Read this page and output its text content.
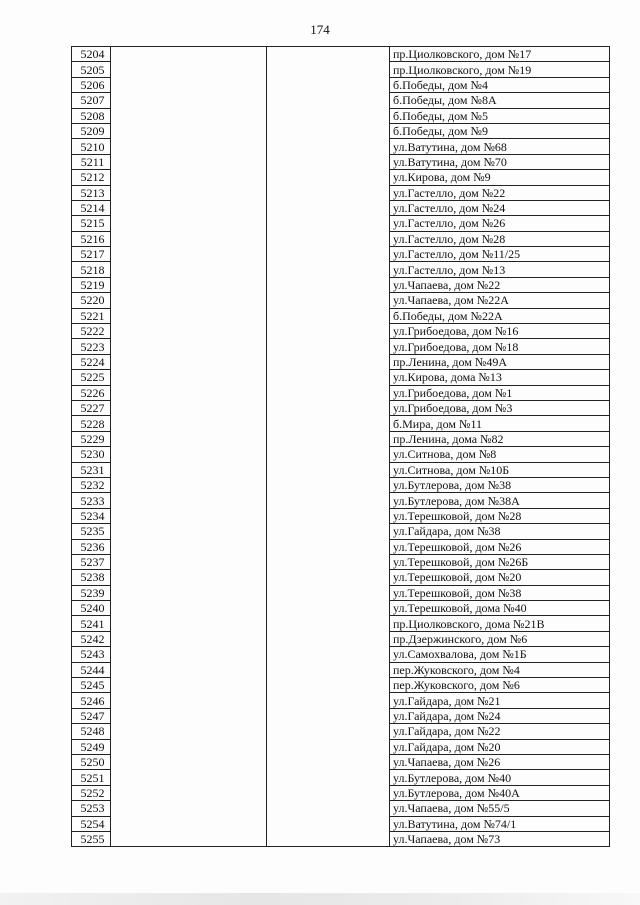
174
5204			пр.Циолковского, дом №17
5205			пр.Циолковского, дом №19
5206			б.Победы, дом №4
5207			б.Победы, дом №8А
5208			б.Победы, дом №5
5209			б.Победы, дом №9
5210			ул.Ватутина, дом №68
5211			ул.Ватутина, дом №70
5212			ул.Кирова, дом №9
5213			ул.Гастелло, дом №22
5214			ул.Гастелло, дом №24
5215			ул.Гастелло, дом №26
5216			ул.Гастелло, дом №28
5217			ул.Гастелло, дом №11/25
5218			ул.Гастелло, дом №13
5219			ул.Чапаева, дом №22
5220			ул.Чапаева, дом №22А
5221			б.Победы, дом №22А
5222			ул.Грибоедова, дом №16
5223			ул.Грибоедова, дом №18
5224			пр.Ленина, дом №49А
5225			ул.Кирова, дома №13
5226			ул.Грибоедова, дом №1
5227			ул.Грибоедова, дом №3
5228			б.Мира, дом №11
5229			пр.Ленина, дома №82
5230			ул.Ситнова, дом №8
5231			ул.Ситнова, дом №10Б
5232			ул.Бутлерова, дом №38
5233			ул.Бутлерова, дом №38А
5234			ул.Терешковой, дом №28
5235			ул.Гайдара, дом №38
5236			ул.Терешковой, дом №26
5237			ул.Терешковой, дом №26Б
5238			ул.Терешковой, дом №20
5239			ул.Терешковой, дом №38
5240			ул.Терешковой, дома №40
5241			пр.Циолковского, дома №21В
5242			пр.Дзержинского, дом №6
5243			ул.Самохвалова, дом №1Б
5244			пер.Жуковского, дом №4
5245			пер.Жуковского, дом №6
5246			ул.Гайдара, дом №21
5247			ул.Гайдара, дом №24
5248			ул.Гайдара, дом №22
5249			ул.Гайдара, дом №20
5250			ул.Чапаева, дом №26
5251			ул.Бутлерова, дом №40
5252			ул.Бутлерова, дом №40А
5253			ул.Чапаева, дом №55/5
5254			ул.Ватутина, дом №74/1
5255			ул.Чапаева, дом №73
